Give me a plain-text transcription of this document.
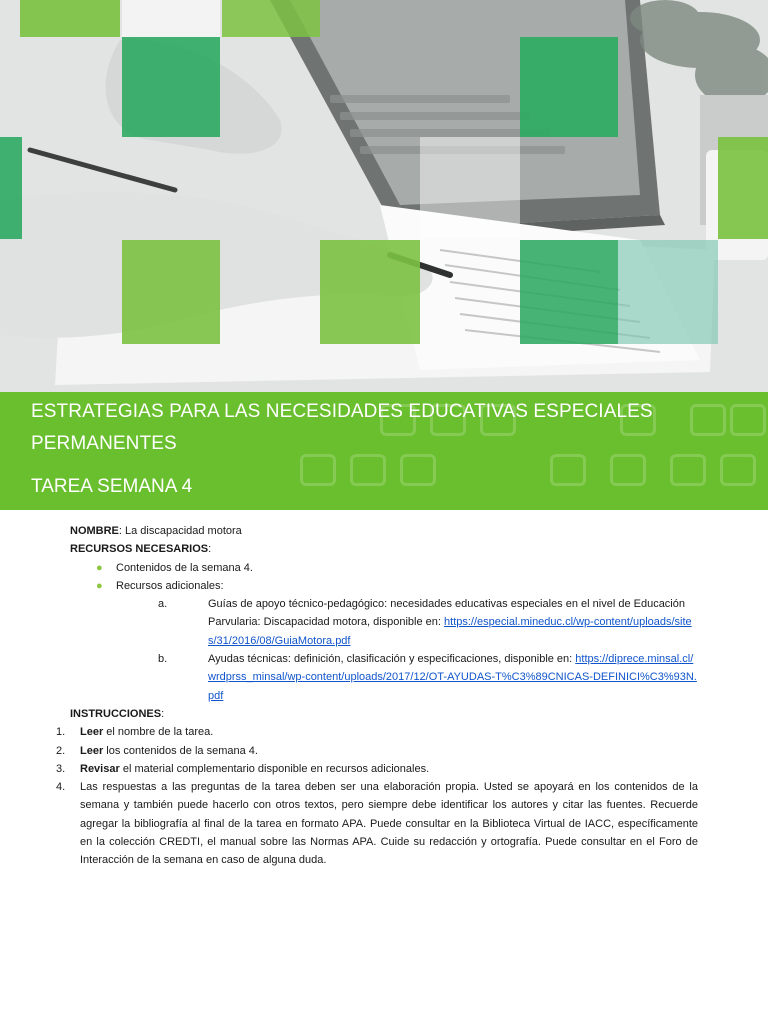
ESTRATEGIAS PARA LAS NECESIDADES EDUCATIVAS ESPECIALES PERMANENTES
TAREA SEMANA 4

NOMBRE: La discapacidad motora

RECURSOS NECESARIOS:

● Contenidos de la semana 4.
● Recursos adicionales:
a.	Guías de apoyo técnico-pedagógico: necesidades educativas especiales en el nivel de Educación Parvularia: Discapacidad motora, disponible en: https://especial.mineduc.cl/wp-content/uploads/sites/31/2016/08/GuiaMotora.pdf
b.	Ayudas técnicas: definición, clasificación y especificaciones, disponible en: https://diprece.minsal.cl/wrdprss_minsal/wp-content/uploads/2017/12/OT-AYUDAS-T%C3%89CNICAS-DEFINICI%C3%93N.pdf

INSTRUCCIONES:

1. Leer el nombre de la tarea.
2. Leer los contenidos de la semana 4.
3. Revisar el material complementario disponible en recursos adicionales.
4. Las respuestas a las preguntas de la tarea deben ser una elaboración propia. Usted se apoyará en los contenidos de la semana y también puede hacerlo con otros textos, pero siempre debe identificar los autores y citar las fuentes. Recuerde agregar la bibliografía al final de la tarea en formato APA. Puede consultar en la Biblioteca Virtual de IACC, específicamente en la colección CREDTI, el manual sobre las Normas APA. Cuide su redacción y ortografía. Puede consultar en el Foro de Interacción de la semana en caso de alguna duda.
